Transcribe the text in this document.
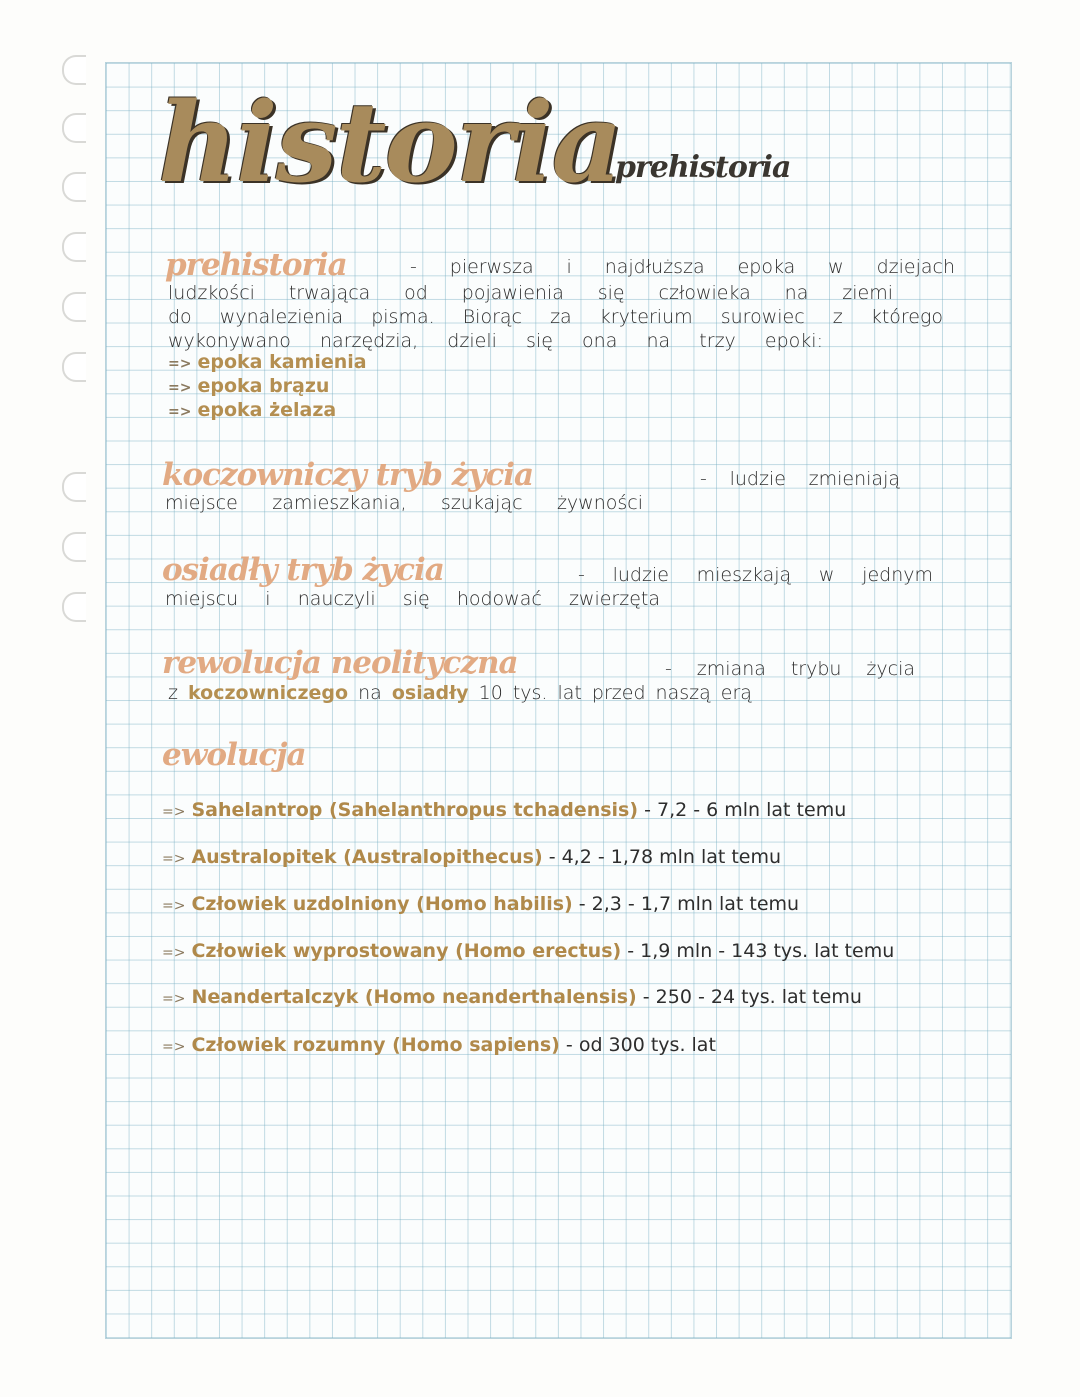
historia
prehistoria
prehistoria	- pierwsza i najdłuższa epoka w dziejach
ludzkości trwająca od pojawienia się człowieka na ziemi
do wynalezienia pisma. Biorąc za kryterium surowiec z którego
wykonywano narzędzia, dzieli się ona na trzy epoki:
=> epoka kamienia
=> epoka brązu
=> epoka żelaza
koczowniczy tryb życia	- ludzie zmieniają
miejsce zamieszkania, szukając żywności
osiadły tryb życia	- ludzie mieszkają w jednym
miejscu i nauczyli się hodować zwierzęta
rewolucja neolityczna	- zmiana trybu życia
z koczowniczego na osiadły 10 tys. lat przed naszą erą
ewolucja
=> Sahelantrop (Sahelanthropus tchadensis) - 7,2 - 6 mln lat temu
=> Australopitek (Australopithecus) - 4,2 - 1,78 mln lat temu
=> Człowiek uzdolniony (Homo habilis) - 2,3 - 1,7 mln lat temu
=> Człowiek wyprostowany (Homo erectus) - 1,9 mln - 143 tys. lat temu
=> Neandertalczyk (Homo neanderthalensis) - 250 - 24 tys. lat temu
=> Człowiek rozumny (Homo sapiens) - od 300 tys. lat
